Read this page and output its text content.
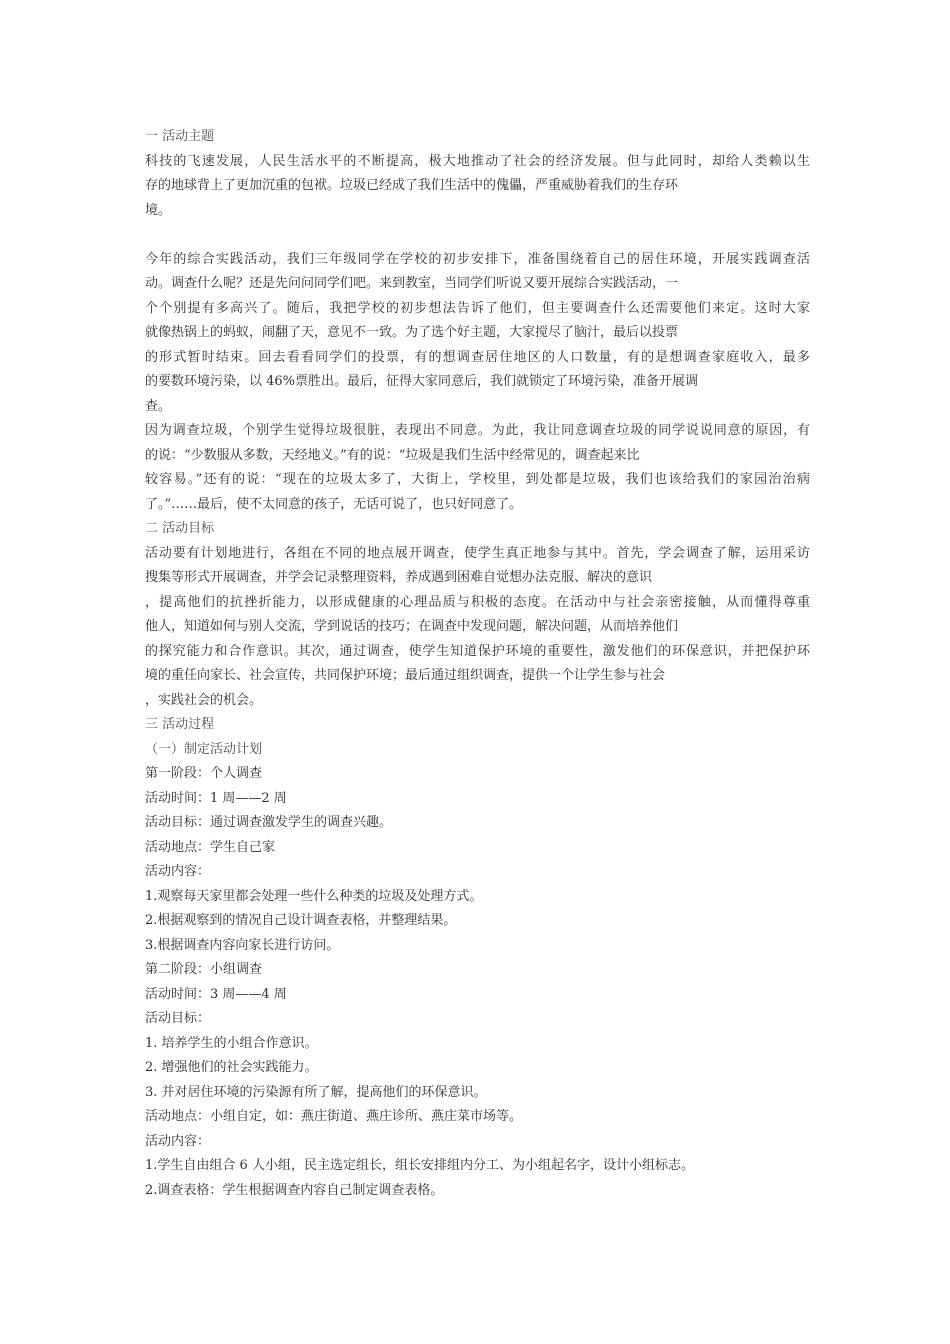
一 活动主题
科技的飞速发展，人民生活水平的不断提高，极大地推动了社会的经济发展。但与此同时，却给人类赖以生
存的地球背上了更加沉重的包袱。垃圾已经成了我们生活中的傀儡，严重威胁着我们的生存环
境。
今年的综合实践活动，我们三年级同学在学校的初步安排下，准备围绕着自己的居住环境，开展实践调查活
动。调查什么呢？还是先问问同学们吧。来到教室，当同学们听说又要开展综合实践活动，一
个个别提有多高兴了。随后，我把学校的初步想法告诉了他们，但主要调查什么还需要他们来定。这时大家
就像热锅上的蚂蚁，闹翻了天，意见不一致。为了选个好主题，大家搅尽了脑汁，最后以投票
的形式暂时结束。回去看看同学们的投票，有的想调查居住地区的人口数量，有的是想调查家庭收入，最多
的要数环境污染，以 46%票胜出。最后，征得大家同意后，我们就锁定了环境污染，准备开展调
查。
因为调查垃圾，个别学生觉得垃圾很脏，表现出不同意。为此，我让同意调查垃圾的同学说说同意的原因，有
的说：“少数服从多数，天经地义。”有的说：“垃圾是我们生活中经常见的，调查起来比
较容易。”还有的说：“现在的垃圾太多了，大街上，学校里，到处都是垃圾，我们也该给我们的家园治治病
了。”……最后，使不太同意的孩子，无话可说了，也只好同意了。
二 活动目标
活动要有计划地进行，各组在不同的地点展开调查，使学生真正地参与其中。首先，学会调查了解，运用采访
搜集等形式开展调查，并学会记录整理资料，养成遇到困难自觉想办法克服、解决的意识
，提高他们的抗挫折能力，以形成健康的心理品质与积极的态度。在活动中与社会亲密接触，从而懂得尊重
他人，知道如何与别人交流，学到说话的技巧；在调查中发现问题，解决问题，从而培养他们
的探究能力和合作意识。其次，通过调查，使学生知道保护环境的重要性，激发他们的环保意识，并把保护环
境的重任向家长、社会宣传，共同保护环境；最后通过组织调查，提供一个让学生参与社会
，实践社会的机会。
三 活动过程
（一）制定活动计划
第一阶段：个人调查
活动时间：1 周——2 周
活动目标：通过调查激发学生的调查兴趣。
活动地点：学生自己家
活动内容：
1.观察每天家里都会处理一些什么种类的垃圾及处理方式。
2.根据观察到的情况自己设计调查表格，并整理结果。
3.根据调查内容向家长进行访问。
第二阶段：小组调查
活动时间：3 周——4 周
活动目标：
1. 培养学生的小组合作意识。
2. 增强他们的社会实践能力。
3. 并对居住环境的污染源有所了解，提高他们的环保意识。
活动地点：小组自定，如：燕庄街道、燕庄诊所、燕庄菜市场等。
活动内容：
1.学生自由组合 6 人小组，民主选定组长，组长安排组内分工、为小组起名字，设计小组标志。
2.调查表格：学生根据调查内容自己制定调查表格。
